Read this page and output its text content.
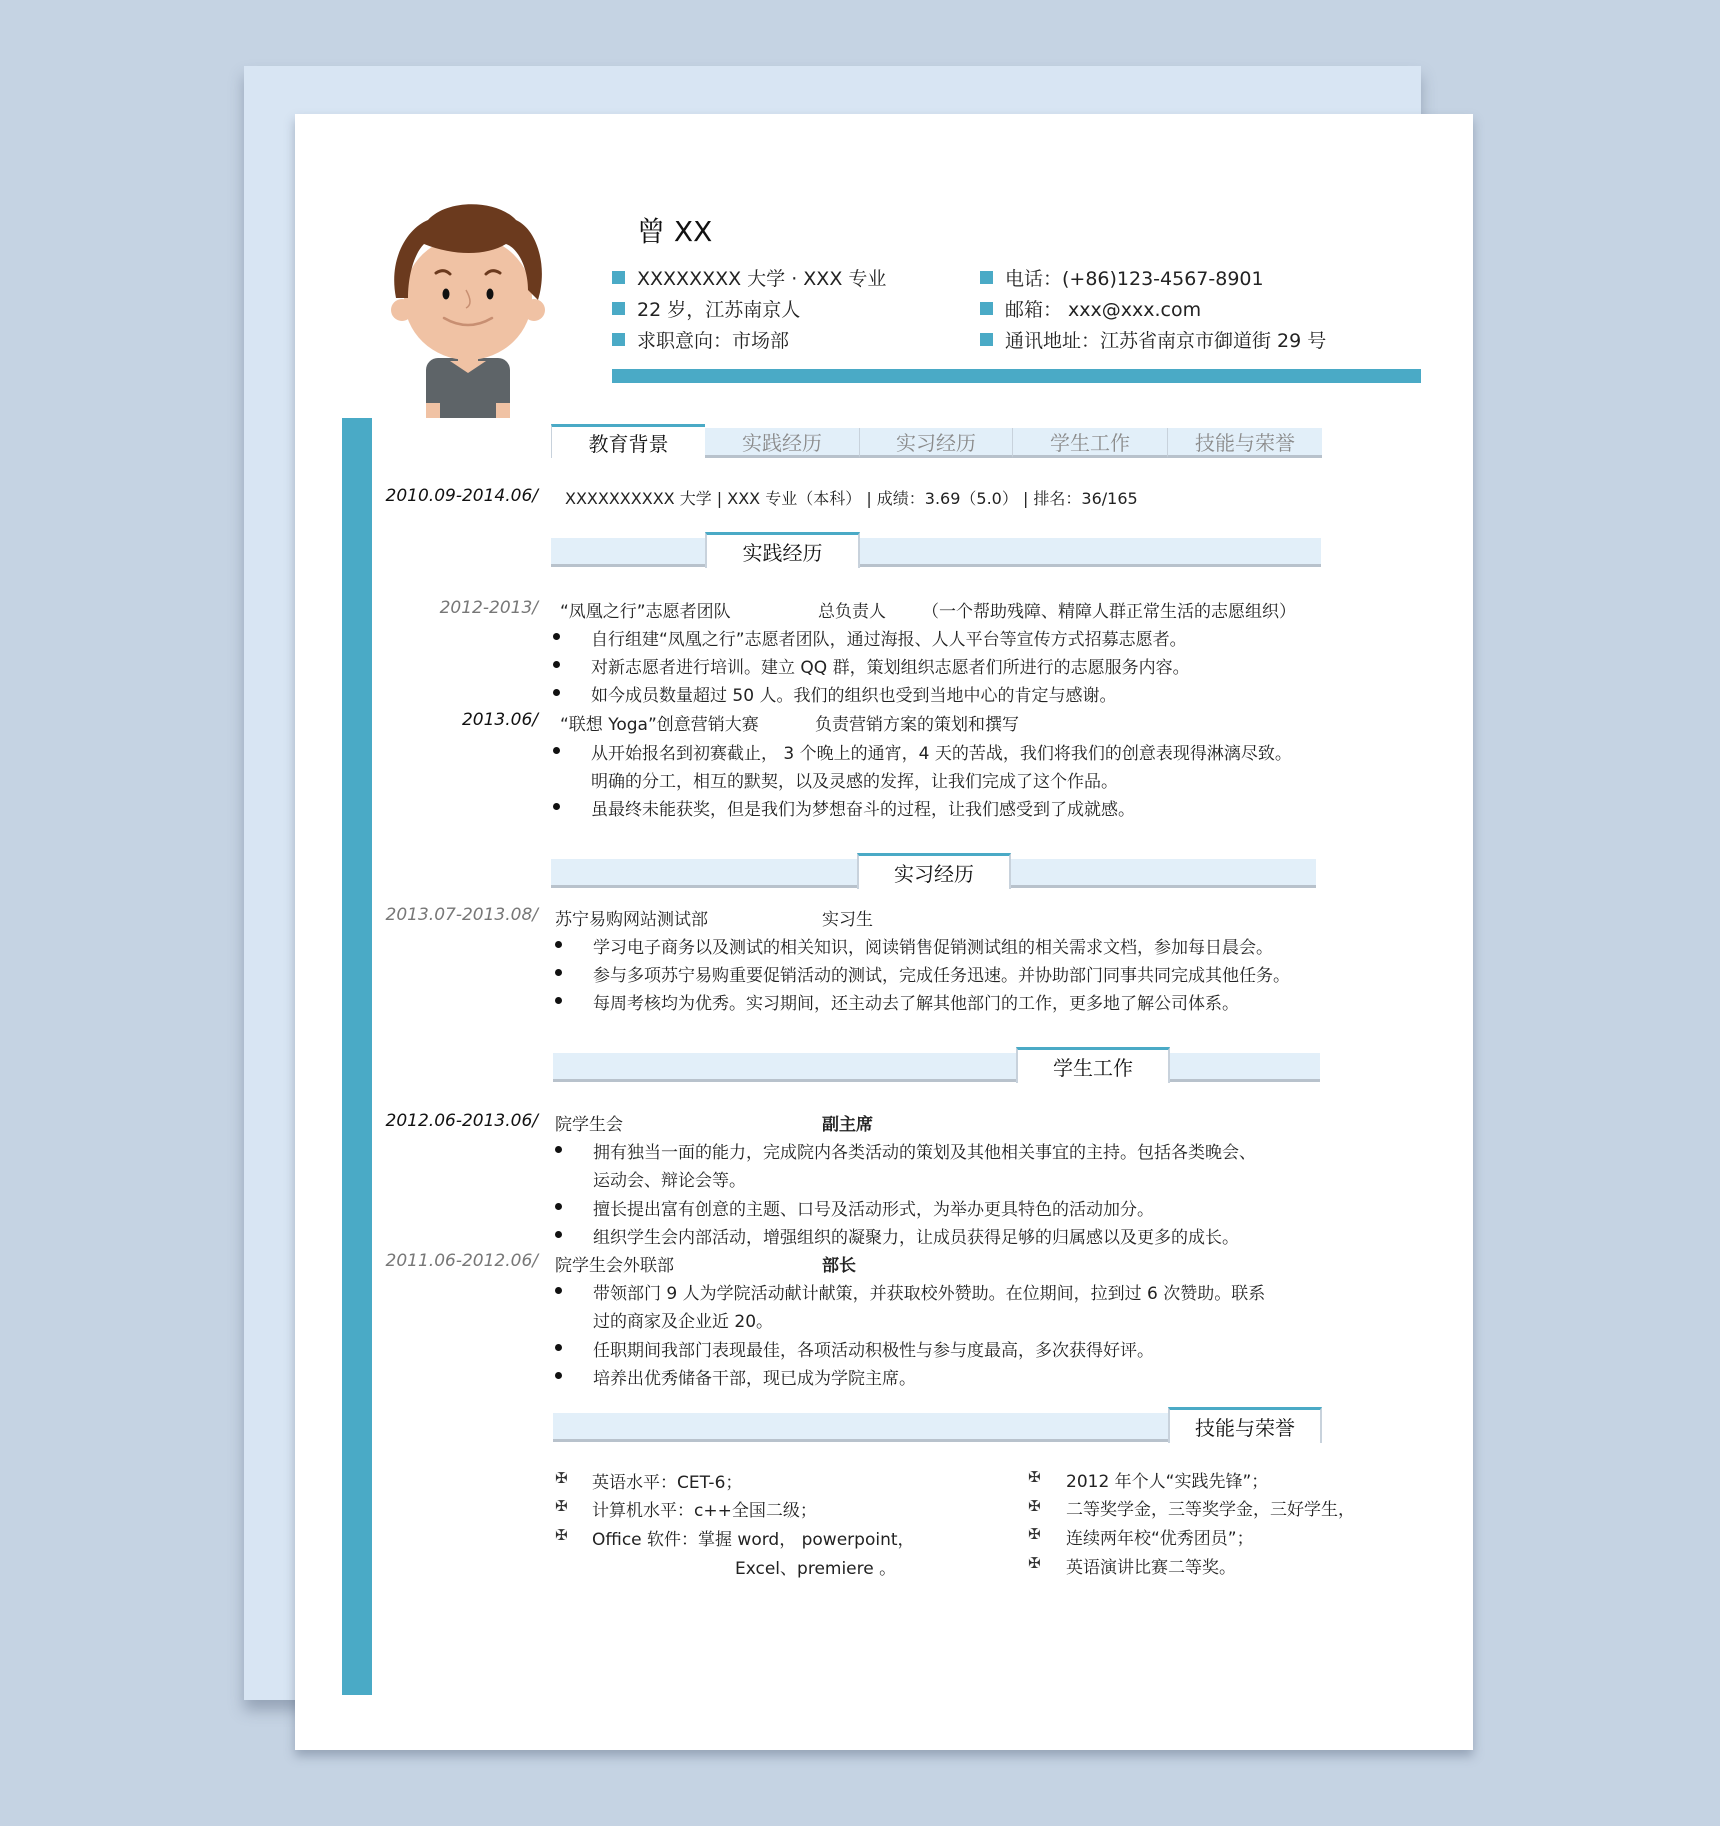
曾 XX
XXXXXXXX 大学 · XXX 专业
22 岁，江苏南京人
求职意向：市场部
电话：(+86)123-4567-8901
邮箱： xxx@xxx.com
通讯地址：江苏省南京市御道街 29 号
实践经历	实习经历	学生工作	技能与荣誉
教育背景
2010.09-2014.06/ XXXXXXXXXX 大学 | XXX 专业（本科） | 成绩：3.69（5.0） | 排名：36/165
实践经历
2012-2013/ “凤凰之行”志愿者团队	总负责人 （一个帮助残障、精障人群正常生活的志愿组织）
自行组建“凤凰之行”志愿者团队，通过海报、人人平台等宣传方式招募志愿者。
对新志愿者进行培训。建立 QQ 群，策划组织志愿者们所进行的志愿服务内容。
如今成员数量超过 50 人。我们的组织也受到当地中心的肯定与感谢。
2013.06/ “联想 Yoga”创意营销大赛	负责营销方案的策划和撰写
从开始报名到初赛截止， 3 个晚上的通宵，4 天的苦战，我们将我们的创意表现得淋漓尽致。
明确的分工，相互的默契，以及灵感的发挥，让我们完成了这个作品。
虽最终未能获奖，但是我们为梦想奋斗的过程，让我们感受到了成就感。
实习经历
2013.07-2013.08/ 苏宁易购网站测试部	实习生
学习电子商务以及测试的相关知识，阅读销售促销测试组的相关需求文档，参加每日晨会。
参与多项苏宁易购重要促销活动的测试，完成任务迅速。并协助部门同事共同完成其他任务。
每周考核均为优秀。实习期间，还主动去了解其他部门的工作，更多地了解公司体系。
学生工作
2012.06-2013.06/ 院学生会	副主席
拥有独当一面的能力，完成院内各类活动的策划及其他相关事宜的主持。包括各类晚会、
运动会、辩论会等。
擅长提出富有创意的主题、口号及活动形式，为举办更具特色的活动加分。
组织学生会内部活动，增强组织的凝聚力，让成员获得足够的归属感以及更多的成长。
2011.06-2012.06/ 院学生会外联部	部长
带领部门 9 人为学院活动献计献策，并获取校外赞助。在位期间，拉到过 6 次赞助。联系
过的商家及企业近 20。
任职期间我部门表现最佳，各项活动积极性与参与度最高，多次获得好评。
培养出优秀储备干部，现已成为学院主席。
技能与荣誉
✠ 英语水平：CET-6；
✠ 计算机水平：c++全国二级；
✠ Office 软件：掌握 word， powerpoint，
Excel、premiere 。
✠ 2012 年个人“实践先锋”；
✠ 二等奖学金，三等奖学金，三好学生，
✠ 连续两年校“优秀团员”；
✠ 英语演讲比赛二等奖。
